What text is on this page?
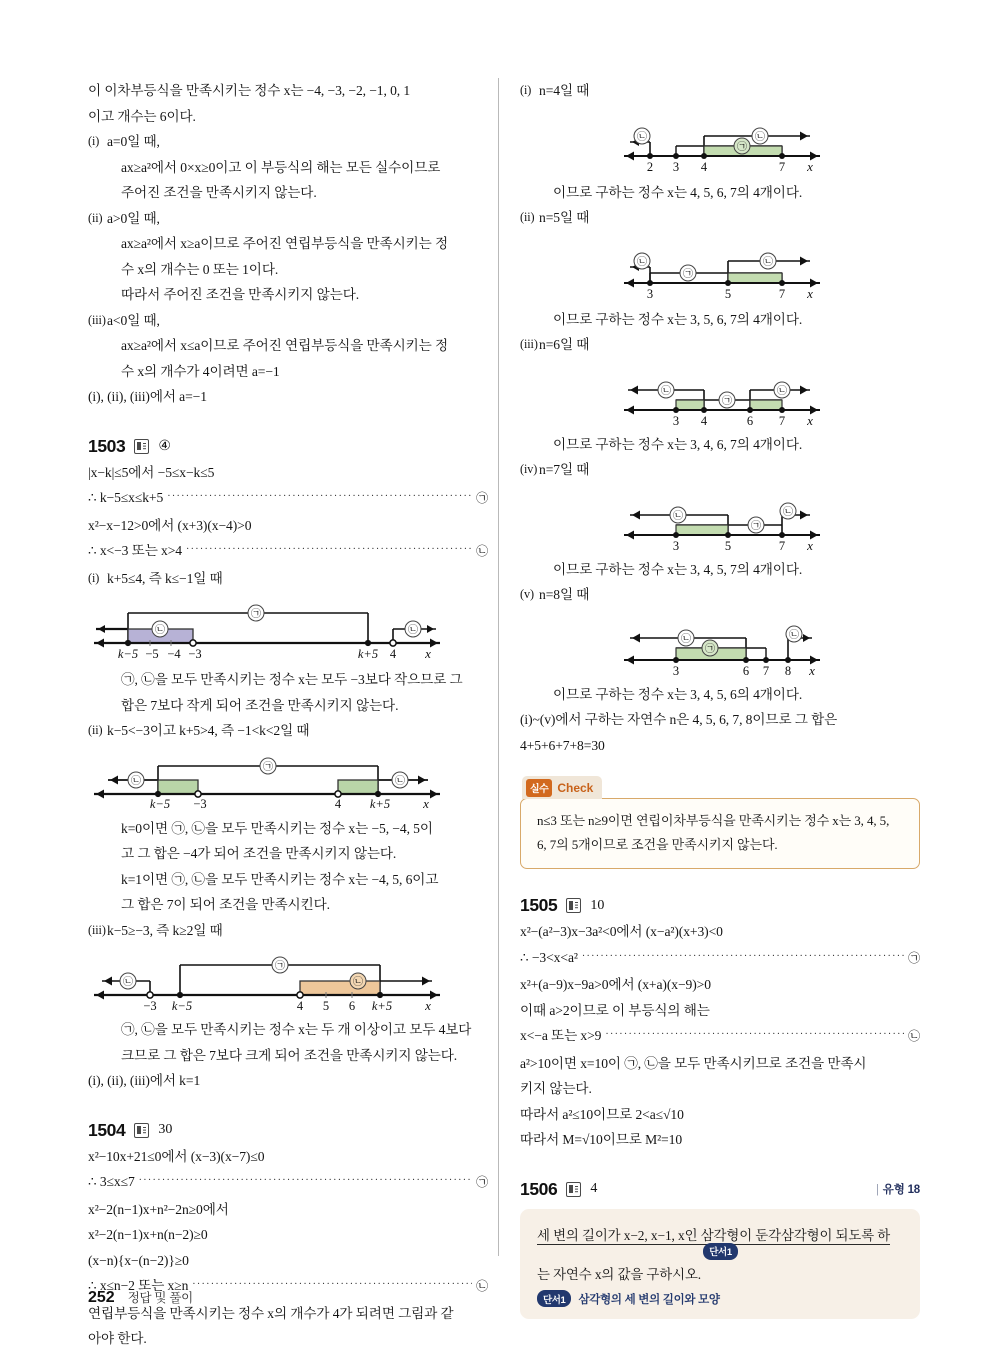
이 이차부등식을 만족시키는 정수 x는 −4, −3, −2, −1, 0, 1
이고 개수는 6이다.
(i) a=0일 때,
ax≥a²에서 0×x≥0이고 이 부등식의 해는 모든 실수이므로
주어진 조건을 만족시키지 않는다.
(ii) a>0일 때,
ax≥a²에서 x≥a이므로 주어진 연립부등식을 만족시키는 정
수 x의 개수는 0 또는 1이다.
따라서 주어진 조건을 만족시키지 않는다.
(iii) a<0일 때,
ax≥a²에서 x≤a이므로 주어진 연립부등식을 만족시키는 정
수 x의 개수가 4이려면 a=−1
(i), (ii), (iii)에서 a=−1
1503 ④
|x−k|≤5에서 −5≤x−k≤5
∴ k−5≤x≤k+5 ·····	㉠
x²−x−12>0에서 (x+3)(x−4)>0
∴ x<−3 또는 x>4 ·····	㉡
(i) k+5≤4, 즉 k≤−1일 때
㉠
㉡	㉡
k−5 −5 −4 −3	k+5 4 x
㉠, ㉡을 모두 만족시키는 정수 x는 모두 −3보다 작으므로 그
합은 7보다 작게 되어 조건을 만족시키지 않는다.
(ii) k−5<−3이고 k+5>4, 즉 −1<k<2일 때
㉠
㉡	㉡
k−5 −3	4 k+5	x
k=0이면 ㉠, ㉡을 모두 만족시키는 정수 x는 −5, −4, 5이
고 그 합은 −4가 되어 조건을 만족시키지 않는다.
k=1이면 ㉠, ㉡을 모두 만족시키는 정수 x는 −4, 5, 6이고
그 합은 7이 되어 조건을 만족시킨다.
(iii) k−5≥−3, 즉 k≥2일 때
㉠
㉡	㉡
−3 k−5	4 5 6 k+5	x
㉠, ㉡을 모두 만족시키는 정수 x는 두 개 이상이고 모두 4보다
크므로 그 합은 7보다 크게 되어 조건을 만족시키지 않는다.
(i), (ii), (iii)에서 k=1
1504 30
x²−10x+21≤0에서 (x−3)(x−7)≤0
∴ 3≤x≤7 ·····	㉠
x²−2(n−1)x+n²−2n≥0에서
x²−2(n−1)x+n(n−2)≥0
(x−n){x−(n−2)}≥0
∴ x≤n−2 또는 x≥n ·····	㉡
연립부등식을 만족시키는 정수 x의 개수가 4가 되려면 그림과 같
아야 한다.
(i) n=4일 때
㉡	㉡
㉠
2 3 4	7 x
이므로 구하는 정수 x는 4, 5, 6, 7의 4개이다.
(ii) n=5일 때
㉡	㉡
㉠
3	5	7 x
이므로 구하는 정수 x는 3, 5, 6, 7의 4개이다.
(iii) n=6일 때
㉡	㉡
㉠
3 4	6 7 x
이므로 구하는 정수 x는 3, 4, 6, 7의 4개이다.
(iv) n=7일 때
㉡	㉡
㉠
3	5	7 x
이므로 구하는 정수 x는 3, 4, 5, 7의 4개이다.
(v) n=8일 때
㉡	㉡
㉠
3	6 7 8 x
이므로 구하는 정수 x는 3, 4, 5, 6의 4개이다.
(i)~(v)에서 구하는 자연수 n은 4, 5, 6, 7, 8이므로 그 합은
4+5+6+7+8=30
실수 Check
n≤3 또는 n≥9이면 연립이차부등식을 만족시키는 정수 x는 3, 4, 5,
6, 7의 5개이므로 조건을 만족시키지 않는다.
1505 10
x²−(a²−3)x−3a²<0에서 (x−a²)(x+3)<0
∴ −3<x<a² ·····	㉠
x²+(a−9)x−9a>0에서 (x+a)(x−9)>0
이때 a>2이므로 이 부등식의 해는
x<−a 또는 x>9 ·····	㉡
a²>10이면 x=10이 ㉠, ㉡을 모두 만족시키므로 조건을 만족시
키지 않는다.
따라서 a²≤10이므로 2<a≤√10
따라서 M=√10이므로 M²=10
1506 4	| 유형 18
세 변의 길이가 x−2, x−1, x인 삼각형이 둔각삼각형이 되도록 하
단서1
는 자연수 x의 값을 구하시오.
단서1	삼각형의 세 변의 길이와 모양
252 정답 및 풀이
